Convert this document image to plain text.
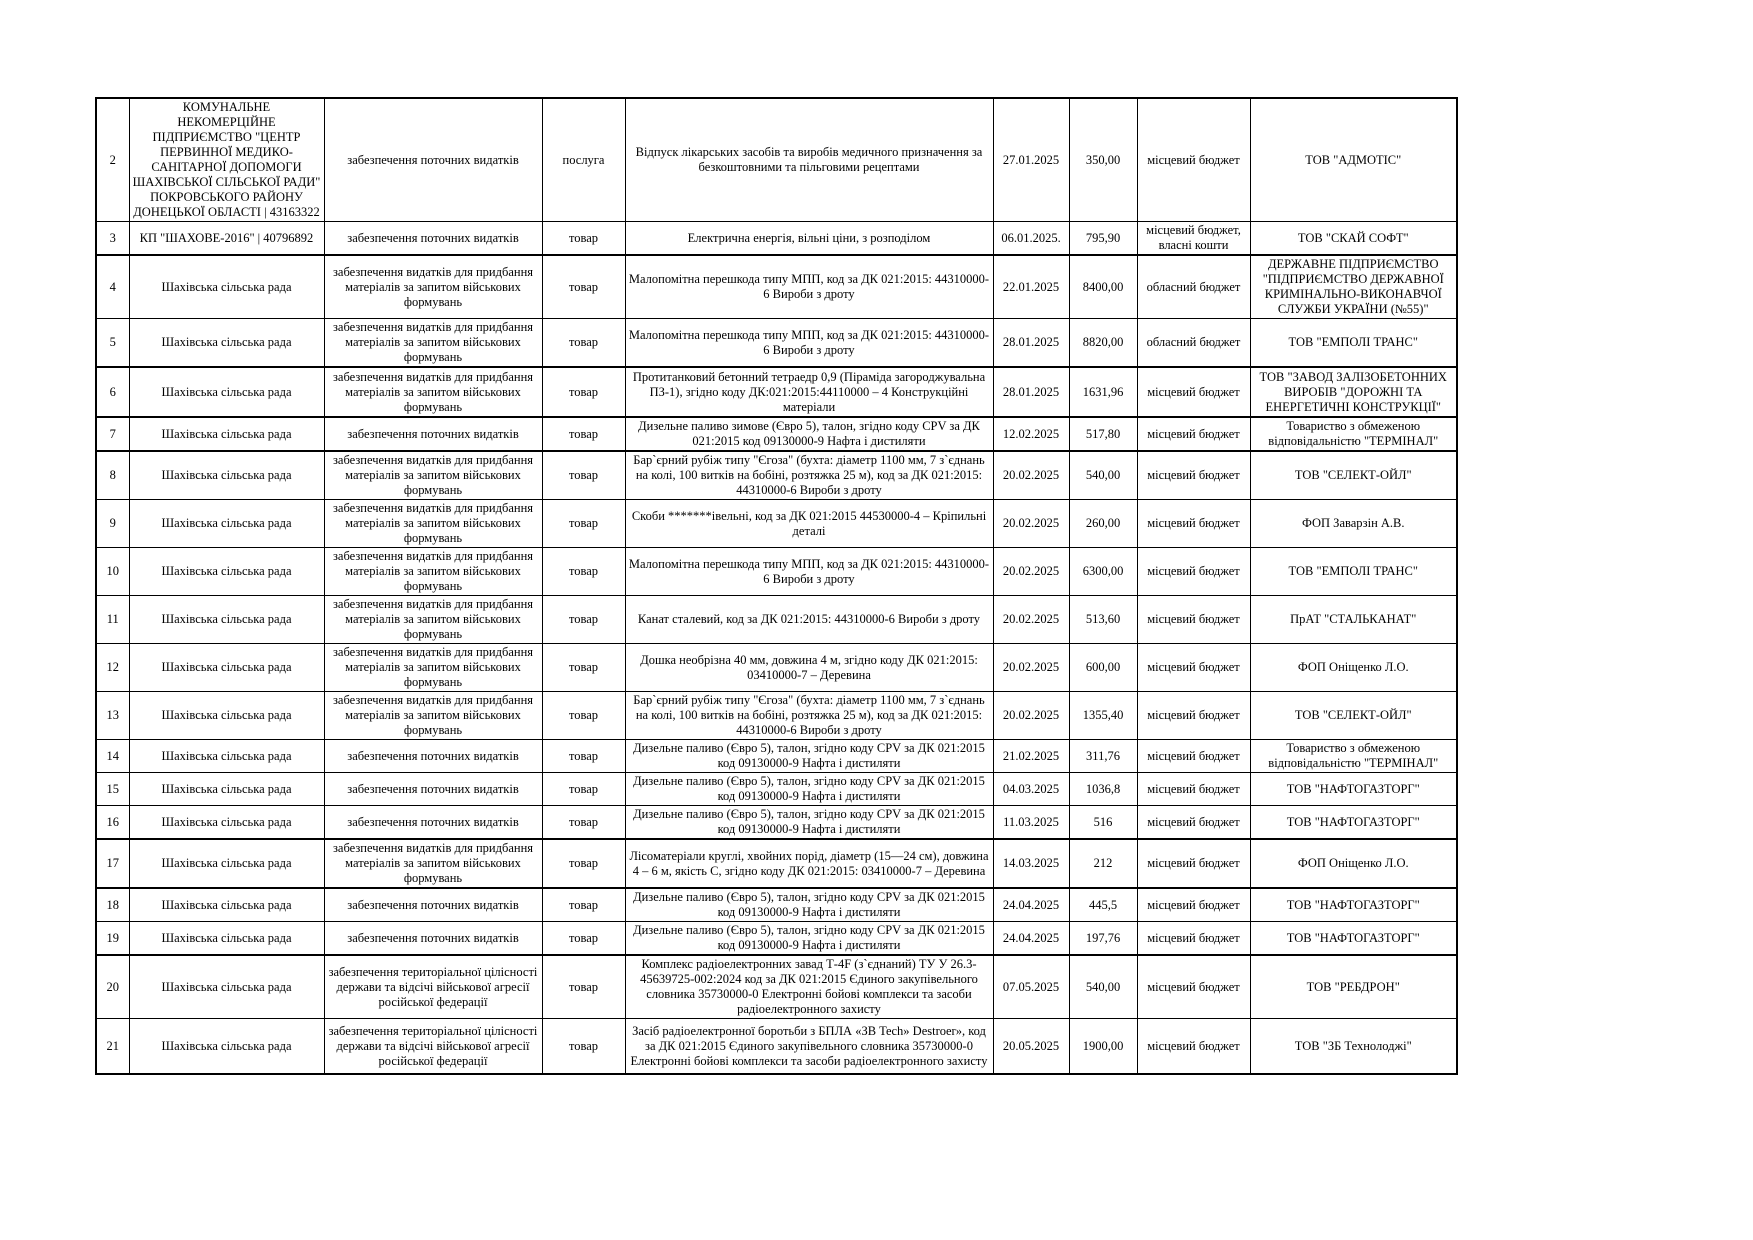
2	КОМУНАЛЬНЕ НЕКОМЕРЦІЙНЕ ПІДПРИЄМСТВО "ЦЕНТР ПЕРВИННОЇ МЕДИКО-САНІТАРНОЇ ДОПОМОГИ ШАХІВСЬКОЇ СІЛЬСЬКОЇ РАДИ" ПОКРОВСЬКОГО РАЙОНУ ДОНЕЦЬКОЇ ОБЛАСТІ | 43163322	забезпечення поточних видатків	послуга	Відпуск лікарських засобів та виробів медичного призначення за безкоштовними та пільговими рецептами	27.01.2025	350,00	місцевий бюджет	ТОВ "АДМОТІС"
3	КП "ШАХОВЕ-2016" | 40796892	забезпечення поточних видатків	товар	Електрична енергія, вільні ціни, з розподілом	06.01.2025.	795,90	місцевий бюджет, власні кошти	ТОВ "СКАЙ СОФТ"
4	Шахівська сільська рада	забезпечення видатків для придбання матеріалів за запитом військових формувань	товар	Малопомітна перешкода типу МПП, код за ДК 021:2015: 44310000-6 Вироби з дроту	22.01.2025	8400,00	обласний бюджет	ДЕРЖАВНЕ ПІДПРИЄМСТВО "ПІДПРИЄМСТВО ДЕРЖАВНОЇ КРИМІНАЛЬНО-ВИКОНАВЧОЇ СЛУЖБИ УКРАЇНИ (№55)"
5	Шахівська сільська рада	забезпечення видатків для придбання матеріалів за запитом військових формувань	товар	Малопомітна перешкода типу МПП, код за ДК 021:2015: 44310000-6 Вироби з дроту	28.01.2025	8820,00	обласний бюджет	ТОВ "ЕМПОЛІ ТРАНС"
6	Шахівська сільська рада	забезпечення видатків для придбання матеріалів за запитом військових формувань	товар	Протитанковий бетонний тетраедр 0,9 (Піраміда загороджувальна ПЗ-1), згідно коду ДК:021:2015:44110000 – 4 Конструкційні матеріали	28.01.2025	1631,96	місцевий бюджет	ТОВ "ЗАВОД ЗАЛІЗОБЕТОННИХ ВИРОБІВ "ДОРОЖНІ ТА ЕНЕРГЕТИЧНІ КОНСТРУКЦІЇ"
7	Шахівська сільська рада	забезпечення поточних видатків	товар	Дизельне паливо зимове (Євро 5), талон, згідно коду CPV за ДК 021:2015 код 09130000-9 Нафта і дистиляти	12.02.2025	517,80	місцевий бюджет	Товариство з обмеженою відповідальністю "ТЕРМІНАЛ"
8	Шахівська сільська рада	забезпечення видатків для придбання матеріалів за запитом військових формувань	товар	Бар`єрний рубіж типу "Єгоза" (бухта: діаметр 1100 мм, 7 з`єднань на колі, 100 витків на бобіні, розтяжка 25 м), код за ДК 021:2015: 44310000-6 Вироби з дроту	20.02.2025	540,00	місцевий бюджет	ТОВ "СЕЛЕКТ-ОЙЛ"
9	Шахівська сільська рада	забезпечення видатків для придбання матеріалів за запитом військових формувань	товар	Скоби *******івельні, код за ДК 021:2015 44530000-4 – Кріпильні деталі	20.02.2025	260,00	місцевий бюджет	ФОП Заварзін А.В.
10	Шахівська сільська рада	забезпечення видатків для придбання матеріалів за запитом військових формувань	товар	Малопомітна перешкода типу МПП, код за ДК 021:2015: 44310000-6 Вироби з дроту	20.02.2025	6300,00	місцевий бюджет	ТОВ "ЕМПОЛІ ТРАНС"
11	Шахівська сільська рада	забезпечення видатків для придбання матеріалів за запитом військових формувань	товар	Канат сталевий, код за ДК 021:2015: 44310000-6 Вироби з дроту	20.02.2025	513,60	місцевий бюджет	ПрАТ "СТАЛЬКАНАТ"
12	Шахівська сільська рада	забезпечення видатків для придбання матеріалів за запитом військових формувань	товар	Дошка необрізна 40 мм, довжина 4 м, згідно коду ДК 021:2015: 03410000-7 – Деревина	20.02.2025	600,00	місцевий бюджет	ФОП Оніщенко Л.О.
13	Шахівська сільська рада	забезпечення видатків для придбання матеріалів за запитом військових формувань	товар	Бар`єрний рубіж типу "Єгоза" (бухта: діаметр 1100 мм, 7 з`єднань на колі, 100 витків на бобіні, розтяжка 25 м), код за ДК 021:2015: 44310000-6 Вироби з дроту	20.02.2025	1355,40	місцевий бюджет	ТОВ "СЕЛЕКТ-ОЙЛ"
14	Шахівська сільська рада	забезпечення поточних видатків	товар	Дизельне паливо (Євро 5), талон, згідно коду CPV за ДК 021:2015 код 09130000-9 Нафта і дистиляти	21.02.2025	311,76	місцевий бюджет	Товариство з обмеженою відповідальністю "ТЕРМІНАЛ"
15	Шахівська сільська рада	забезпечення поточних видатків	товар	Дизельне паливо (Євро 5), талон, згідно коду CPV за ДК 021:2015 код 09130000-9 Нафта і дистиляти	04.03.2025	1036,8	місцевий бюджет	ТОВ "НАФТОГАЗТОРГ"
16	Шахівська сільська рада	забезпечення поточних видатків	товар	Дизельне паливо (Євро 5), талон, згідно коду CPV за ДК 021:2015 код 09130000-9 Нафта і дистиляти	11.03.2025	516	місцевий бюджет	ТОВ "НАФТОГАЗТОРГ"
17	Шахівська сільська рада	забезпечення видатків для придбання матеріалів за запитом військових формувань	товар	Лісоматеріали круглі, хвойних порід, діаметр (15—24 см), довжина 4 – 6 м, якість С, згідно коду ДК 021:2015: 03410000-7 – Деревина	14.03.2025	212	місцевий бюджет	ФОП Оніщенко Л.О.
18	Шахівська сільська рада	забезпечення поточних видатків	товар	Дизельне паливо (Євро 5), талон, згідно коду CPV за ДК 021:2015 код 09130000-9 Нафта і дистиляти	24.04.2025	445,5	місцевий бюджет	ТОВ "НАФТОГАЗТОРГ"
19	Шахівська сільська рада	забезпечення поточних видатків	товар	Дизельне паливо (Євро 5), талон, згідно коду CPV за ДК 021:2015 код 09130000-9 Нафта і дистиляти	24.04.2025	197,76	місцевий бюджет	ТОВ "НАФТОГАЗТОРГ"
20	Шахівська сільська рада	забезпечення територіальної цілісності держави та відсічі військової агресії російської федерації	товар	Комплекс радіоелектронних завад Т-4F (з`єднаний) ТУ У 26.3-45639725-002:2024 код за ДК 021:2015 Єдиного закупівельного словника 35730000-0 Електронні бойові комплекси та засоби радіоелектронного захисту	07.05.2025	540,00	місцевий бюджет	ТОВ "РЕБДРОН"
21	Шахівська сільська рада	забезпечення територіальної цілісності держави та відсічі військової агресії російської федерації	товар	Засіб радіоелектронної боротьби з БПЛА «ЗВ Tech» Destroer», код за ДК 021:2015 Єдиного закупівельного словника 35730000-0 Електронні бойові комплекси та засоби радіоелектронного захисту	20.05.2025	1900,00	місцевий бюджет	ТОВ "ЗБ Технолоджі"
